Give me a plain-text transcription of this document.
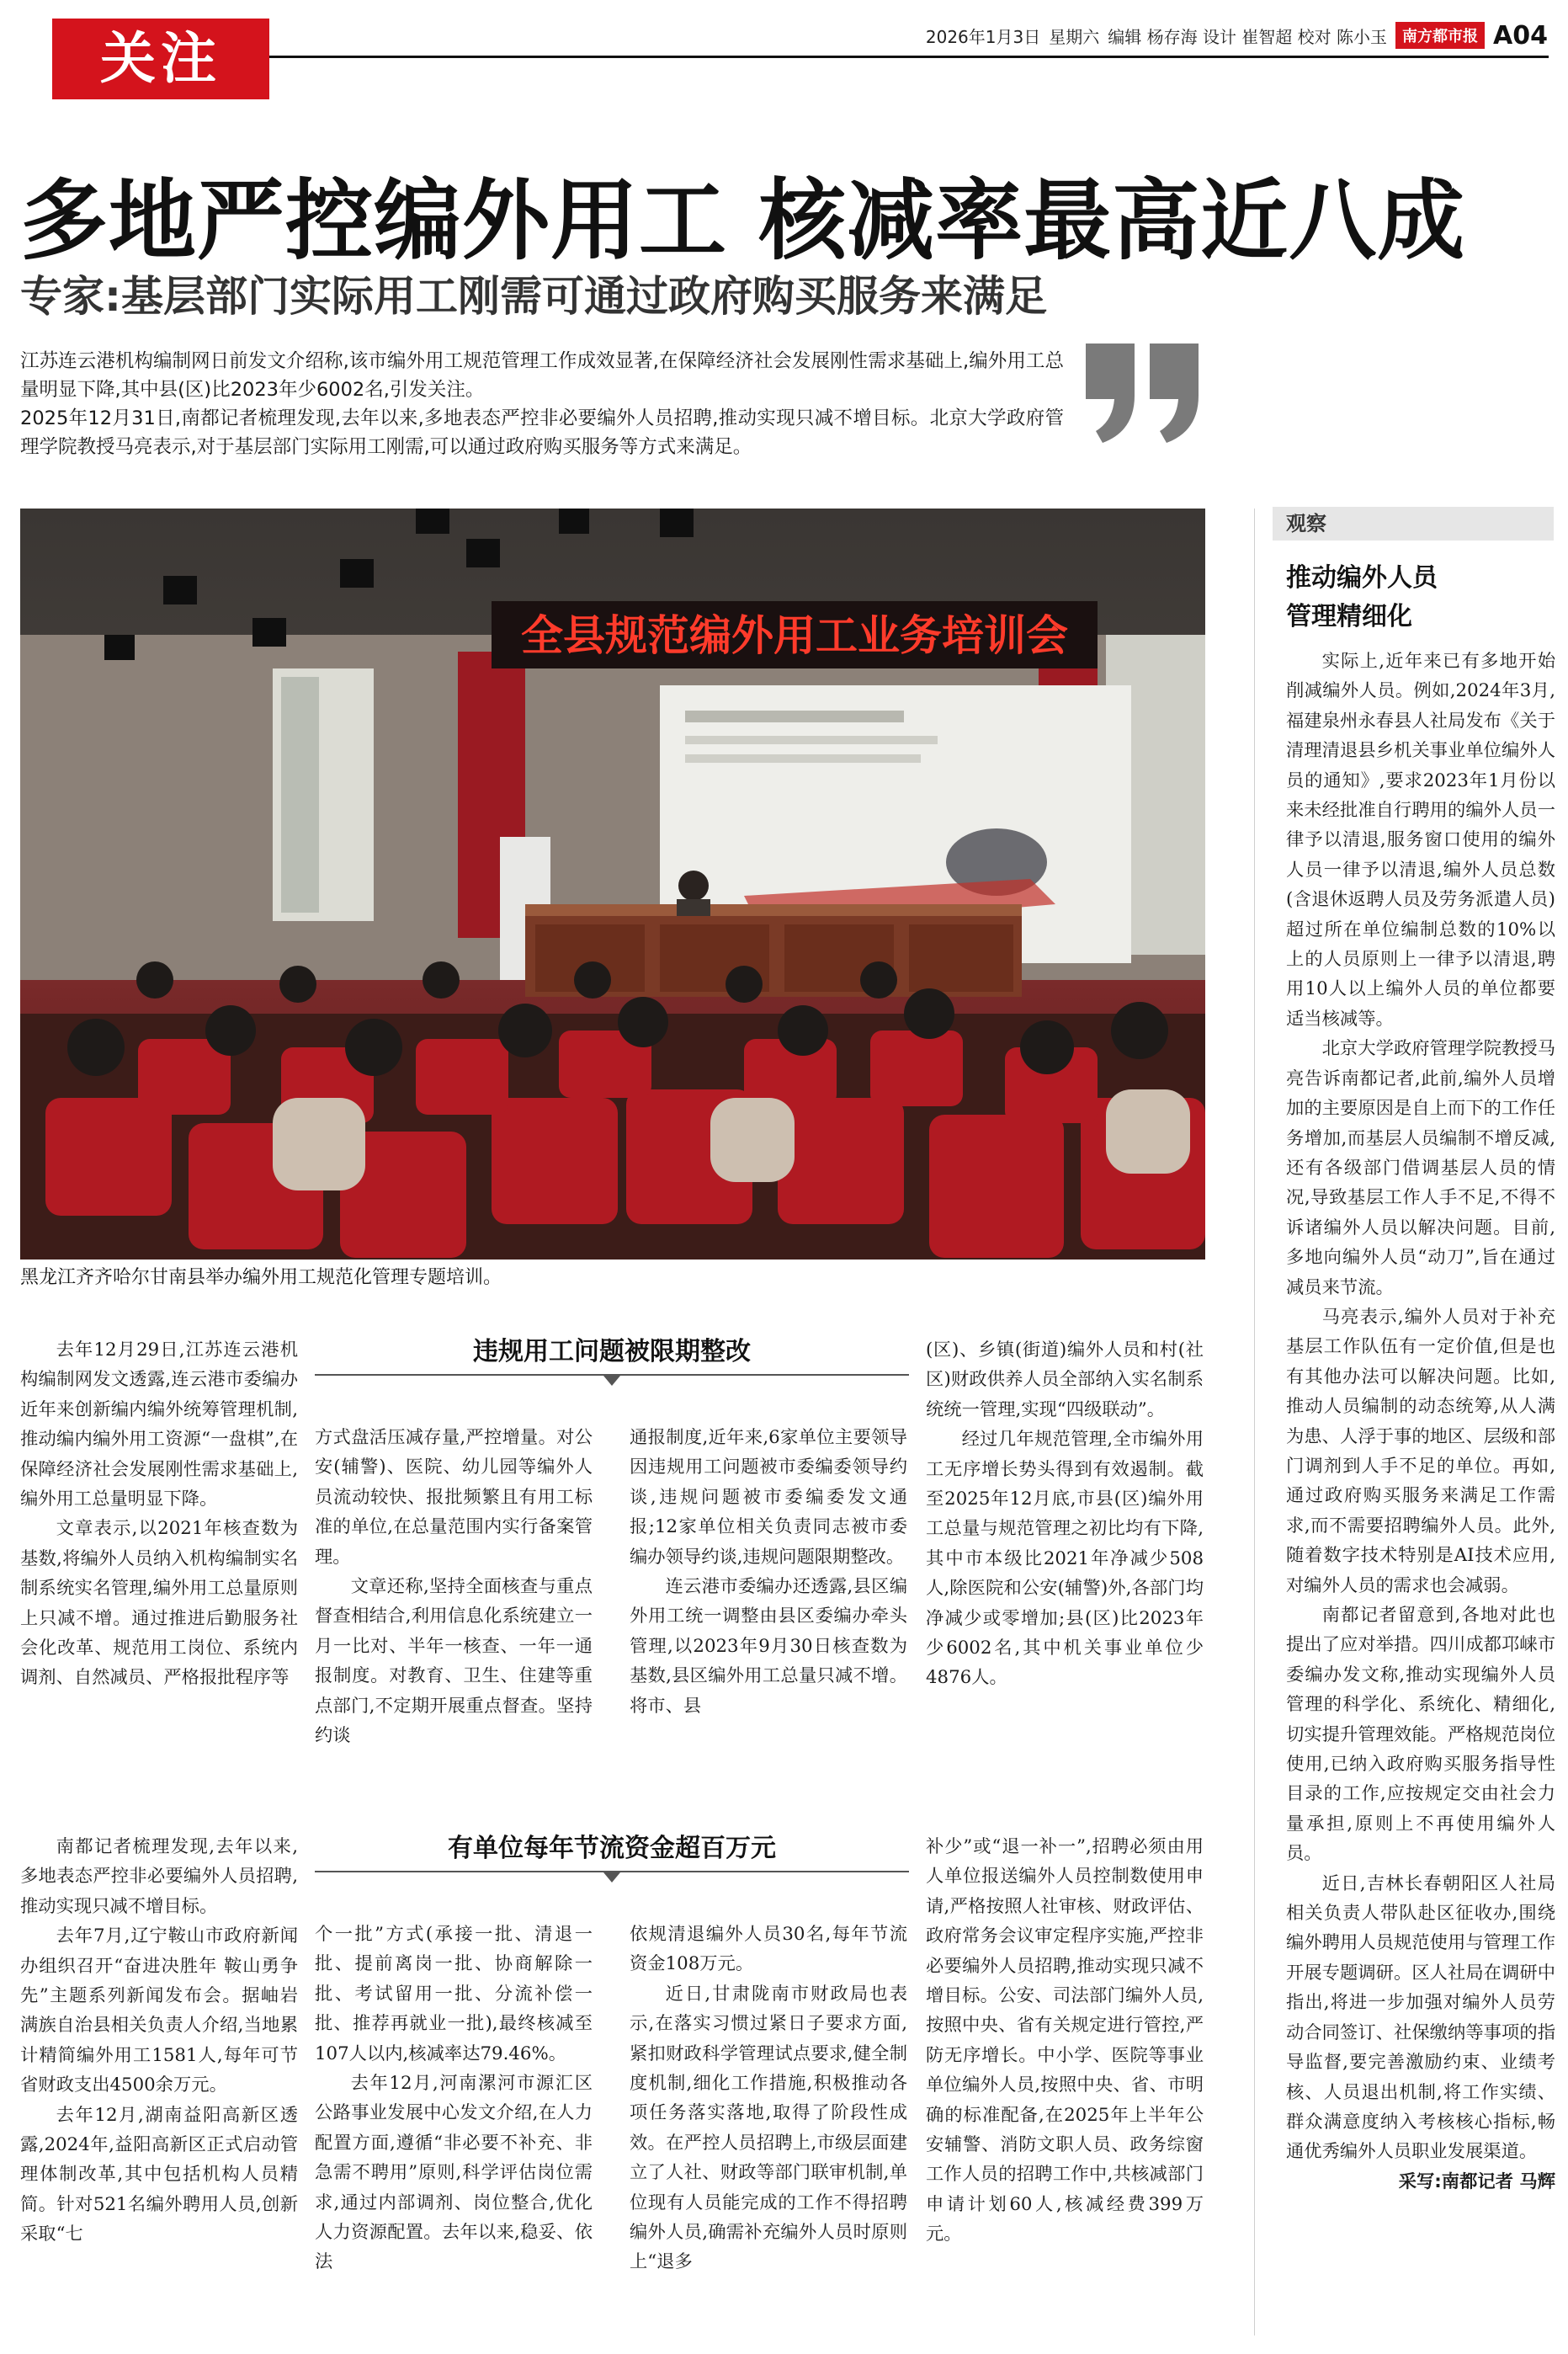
关注	2026年1月3日 星期六 编辑 杨存海 设计 崔智超 校对 陈小玉	南方都市报 A04
多地严控编外用工 核减率最高近八成
专家:基层部门实际用工刚需可通过政府购买服务来满足

江苏连云港机构编制网日前发文介绍称,该市编外用工规范管理工作成效显著,在保障经济社会发展刚性需求基础上,编外用工总量明显下降,其中县(区)比2023年少6002名,引发关注。

2025年12月31日,南都记者梳理发现,去年以来,多地表态严控非必要编外人员招聘,推动实现只减不增目标。北京大学政府管理学院教授马亮表示,对于基层部门实际用工刚需,可以通过政府购买服务等方式来满足。

全县规范编外用工业务培训会
黑龙江齐齐哈尔甘南县举办编外用工规范化管理专题培训。
观察
推动编外人员
管理精细化

实际上,近年来已有多地开始削减编外人员。例如,2024年3月,福建泉州永春县人社局发布《关于清理清退县乡机关事业单位编外人员的通知》,要求2023年1月份以来未经批准自行聘用的编外人员一律予以清退,服务窗口使用的编外人员一律予以清退,编外人员总数(含退休返聘人员及劳务派遣人员)超过所在单位编制总数的10%以上的人员原则上一律予以清退,聘用10人以上编外人员的单位都要适当核减等。

北京大学政府管理学院教授马亮告诉南都记者,此前,编外人员增加的主要原因是自上而下的工作任务增加,而基层人员编制不增反减,还有各级部门借调基层人员的情况,导致基层工作人手不足,不得不诉诸编外人员以解决问题。目前,多地向编外人员“动刀”,旨在通过减员来节流。

马亮表示,编外人员对于补充基层工作队伍有一定价值,但是也有其他办法可以解决问题。比如,推动人员编制的动态统筹,从人满为患、人浮于事的地区、层级和部门调剂到人手不足的单位。再如,通过政府购买服务来满足工作需求,而不需要招聘编外人员。此外,随着数字技术特别是AI技术应用,对编外人员的需求也会减弱。

南都记者留意到,各地对此也提出了应对举措。四川成都邛崃市委编办发文称,推动实现编外人员管理的科学化、系统化、精细化,切实提升管理效能。严格规范岗位使用,已纳入政府购买服务指导性目录的工作,应按规定交由社会力量承担,原则上不再使用编外人员。

近日,吉林长春朝阳区人社局相关负责人带队赴区征收办,围绕编外聘用人员规范使用与管理工作开展专题调研。区人社局在调研中指出,将进一步加强对编外人员劳动合同签订、社保缴纳等事项的指导监督,要完善激励约束、业绩考核、人员退出机制,将工作实绩、群众满意度纳入考核核心指标,畅通优秀编外人员职业发展渠道。

采写:南都记者 马辉

违规用工问题被限期整改

去年12月29日,江苏连云港机构编制网发文透露,连云港市委编办近年来创新编内编外统筹管理机制,推动编内编外用工资源“一盘棋”,在保障经济社会发展刚性需求基础上,编外用工总量明显下降。

文章表示,以2021年核查数为基数,将编外人员纳入机构编制实名制系统实名管理,编外用工总量原则上只减不增。通过推进后勤服务社会化改革、规范用工岗位、系统内调剂、自然减员、严格报批程序等

方式盘活压减存量,严控增量。对公安(辅警)、医院、幼儿园等编外人员流动较快、报批频繁且有用工标准的单位,在总量范围内实行备案管理。

文章还称,坚持全面核查与重点督查相结合,利用信息化系统建立一月一比对、半年一核查、一年一通报制度。对教育、卫生、住建等重点部门,不定期开展重点督查。坚持约谈

通报制度,近年来,6家单位主要领导因违规用工问题被市委编委领导约谈,违规问题被市委编委发文通报;12家单位相关负责同志被市委编办领导约谈,违规问题限期整改。

连云港市委编办还透露,县区编外用工统一调整由县区委编办牵头管理,以2023年9月30日核查数为基数,县区编外用工总量只减不增。将市、县

(区)、乡镇(街道)编外人员和村(社区)财政供养人员全部纳入实名制系统统一管理,实现“四级联动”。

经过几年规范管理,全市编外用工无序增长势头得到有效遏制。截至2025年12月底,市县(区)编外用工总量与规范管理之初比均有下降,其中市本级比2021年净减少508人,除医院和公安(辅警)外,各部门均净减少或零增加;县(区)比2023年少6002名,其中机关事业单位少4876人。

有单位每年节流资金超百万元

南都记者梳理发现,去年以来,多地表态严控非必要编外人员招聘,推动实现只减不增目标。

去年7月,辽宁鞍山市政府新闻办组织召开“奋进决胜年 鞍山勇争先”主题系列新闻发布会。据岫岩满族自治县相关负责人介绍,当地累计精简编外用工1581人,每年可节省财政支出4500余万元。

去年12月,湖南益阳高新区透露,2024年,益阳高新区正式启动管理体制改革,其中包括机构人员精简。针对521名编外聘用人员,创新采取“七

个一批”方式(承接一批、清退一批、提前离岗一批、协商解除一批、考试留用一批、分流补偿一批、推荐再就业一批),最终核减至107人以内,核减率达79.46%。

去年12月,河南漯河市源汇区公路事业发展中心发文介绍,在人力配置方面,遵循“非必要不补充、非急需不聘用”原则,科学评估岗位需求,通过内部调剂、岗位整合,优化人力资源配置。去年以来,稳妥、依法

依规清退编外人员30名,每年节流资金108万元。

近日,甘肃陇南市财政局也表示,在落实习惯过紧日子要求方面,紧扣财政科学管理试点要求,健全制度机制,细化工作措施,积极推动各项任务落实落地,取得了阶段性成效。在严控人员招聘上,市级层面建立了人社、财政等部门联审机制,单位现有人员能完成的工作不得招聘编外人员,确需补充编外人员时原则上“退多

补少”或“退一补一”,招聘必须由用人单位报送编外人员控制数使用申请,严格按照人社审核、财政评估、政府常务会议审定程序实施,严控非必要编外人员招聘,推动实现只减不增目标。公安、司法部门编外人员,按照中央、省有关规定进行管控,严防无序增长。中小学、医院等事业单位编外人员,按照中央、省、市明确的标准配备,在2025年上半年公安辅警、消防文职人员、政务综窗工作人员的招聘工作中,共核减部门申请计划60人,核减经费399万元。
